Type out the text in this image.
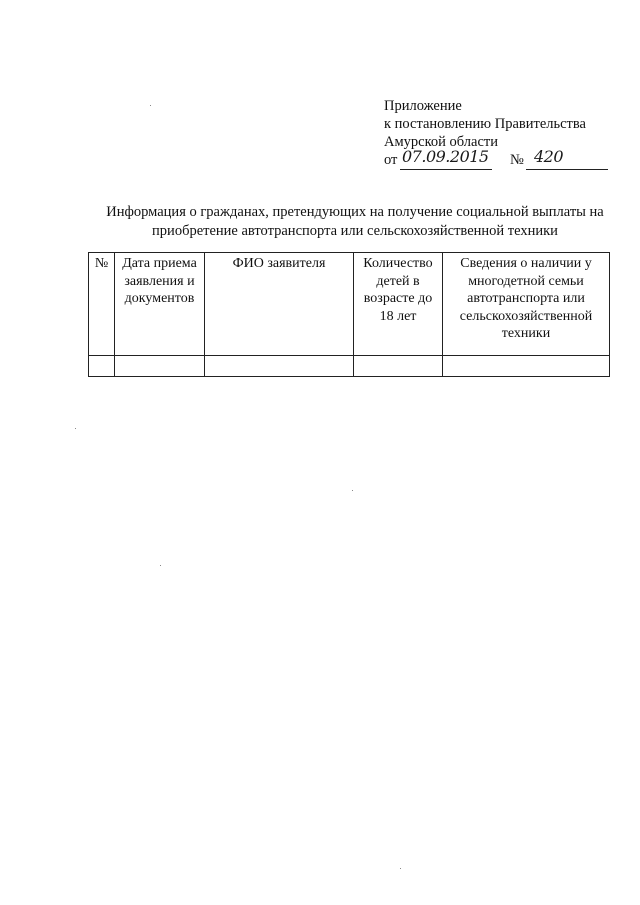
Приложение
к постановлению Правительства
Амурской области
от 07.09.2015 № 420
Информация о гражданах, претендующих на получение социальной выплаты на
приобретение автотранспорта или сельскохозяйственной техники
№	Дата приема заявления и документов	ФИО заявителя	Количество детей в возрасте до 18 лет	Сведения о наличии у многодетной семьи автотранспорта или сельскохозяйственной техники
